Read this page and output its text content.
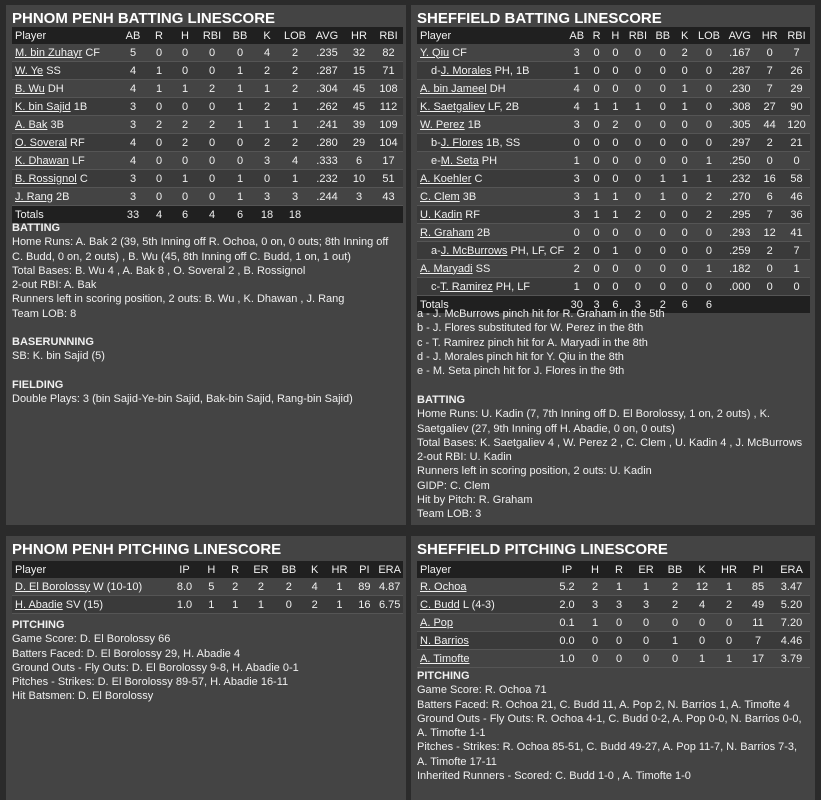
PHNOM PENH BATTING LINESCORE
Player	AB	R	H	RBI	BB	K	LOB	AVG	HR	RBI
M. bin Zuhayr CF	5	0	0	0	0	4	2	.235	32	82
W. Ye SS	4	1	0	0	1	2	2	.287	15	71
B. Wu DH	4	1	1	2	1	1	2	.304	45	108
K. bin Sajid 1B	3	0	0	0	1	2	1	.262	45	112
A. Bak 3B	3	2	2	2	1	1	1	.241	39	109
O. Soveral RF	4	0	2	0	0	2	2	.280	29	104
K. Dhawan LF	4	0	0	0	0	3	4	.333	6	17
B. Rossignol C	3	0	1	0	1	0	1	.232	10	51
J. Rang 2B	3	0	0	0	1	3	3	.244	3	43
Totals	33	4	6	4	6	18	18			
BATTING
Home Runs: A. Bak 2 (39, 5th Inning off R. Ochoa, 0 on, 0 outs; 8th Inning off C. Budd, 0 on, 2 outs) , B. Wu (45, 8th Inning off C. Budd, 1 on, 1 out)
Total Bases: B. Wu 4 , A. Bak 8 , O. Soveral 2 , B. Rossignol
2-out RBI: A. Bak
Runners left in scoring position, 2 outs: B. Wu , K. Dhawan , J. Rang
Team LOB: 8
BASERUNNING
SB: K. bin Sajid (5)
FIELDING
Double Plays: 3 (bin Sajid-Ye-bin Sajid, Bak-bin Sajid, Rang-bin Sajid)
SHEFFIELD BATTING LINESCORE
Player	AB	R	H	RBI	BB	K	LOB	AVG	HR	RBI
Y. Qiu CF	3	0	0	0	0	2	0	.167	0	7
d-J. Morales PH, 1B	1	0	0	0	0	0	0	.287	7	26
A. bin Jameel DH	4	0	0	0	0	1	0	.230	7	29
K. Saetgaliev LF, 2B	4	1	1	1	0	1	0	.308	27	90
W. Perez 1B	3	0	2	0	0	0	0	.305	44	120
b-J. Flores 1B, SS	0	0	0	0	0	0	0	.297	2	21
e-M. Seta PH	1	0	0	0	0	0	1	.250	0	0
A. Koehler C	3	0	0	0	1	1	1	.232	16	58
C. Clem 3B	3	1	1	0	1	0	2	.270	6	46
U. Kadin RF	3	1	1	2	0	0	2	.295	7	36
R. Graham 2B	0	0	0	0	0	0	0	.293	12	41
a-J. McBurrows PH, LF, CF	2	0	1	0	0	0	0	.259	2	7
A. Maryadi SS	2	0	0	0	0	0	1	.182	0	1
c-T. Ramirez PH, LF	1	0	0	0	0	0	0	.000	0	0
Totals	30	3	6	3	2	6	6			
a - J. McBurrows pinch hit for R. Graham in the 5th
b - J. Flores substituted for W. Perez in the 8th
c - T. Ramirez pinch hit for A. Maryadi in the 8th
d - J. Morales pinch hit for Y. Qiu in the 8th
e - M. Seta pinch hit for J. Flores in the 9th
BATTING
Home Runs: U. Kadin (7, 7th Inning off D. El Borolossy, 1 on, 2 outs) , K. Saetgaliev (27, 9th Inning off H. Abadie, 0 on, 0 outs)
Total Bases: K. Saetgaliev 4 , W. Perez 2 , C. Clem , U. Kadin 4 , J. McBurrows
2-out RBI: U. Kadin
Runners left in scoring position, 2 outs: U. Kadin
GIDP: C. Clem
Hit by Pitch: R. Graham
Team LOB: 3
PHNOM PENH PITCHING LINESCORE
Player	IP	H	R	ER	BB	K	HR	PI	ERA
D. El Borolossy W (10-10)	8.0	5	2	2	2	4	1	89	4.87
H. Abadie SV (15)	1.0	1	1	1	0	2	1	16	6.75
PITCHING
Game Score: D. El Borolossy 66
Batters Faced: D. El Borolossy 29, H. Abadie 4
Ground Outs - Fly Outs: D. El Borolossy 9-8, H. Abadie 0-1
Pitches - Strikes: D. El Borolossy 89-57, H. Abadie 16-11
Hit Batsmen: D. El Borolossy
SHEFFIELD PITCHING LINESCORE
Player	IP	H	R	ER	BB	K	HR	PI	ERA
R. Ochoa	5.2	2	1	1	2	12	1	85	3.47
C. Budd L (4-3)	2.0	3	3	3	2	4	2	49	5.20
A. Pop	0.1	1	0	0	0	0	0	11	7.20
N. Barrios	0.0	0	0	0	1	0	0	7	4.46
A. Timofte	1.0	0	0	0	0	1	1	17	3.79
PITCHING
Game Score: R. Ochoa 71
Batters Faced: R. Ochoa 21, C. Budd 11, A. Pop 2, N. Barrios 1, A. Timofte 4
Ground Outs - Fly Outs: R. Ochoa 4-1, C. Budd 0-2, A. Pop 0-0, N. Barrios 0-0, A. Timofte 1-1
Pitches - Strikes: R. Ochoa 85-51, C. Budd 49-27, A. Pop 11-7, N. Barrios 7-3, A. Timofte 17-11
Inherited Runners - Scored: C. Budd 1-0 , A. Timofte 1-0
